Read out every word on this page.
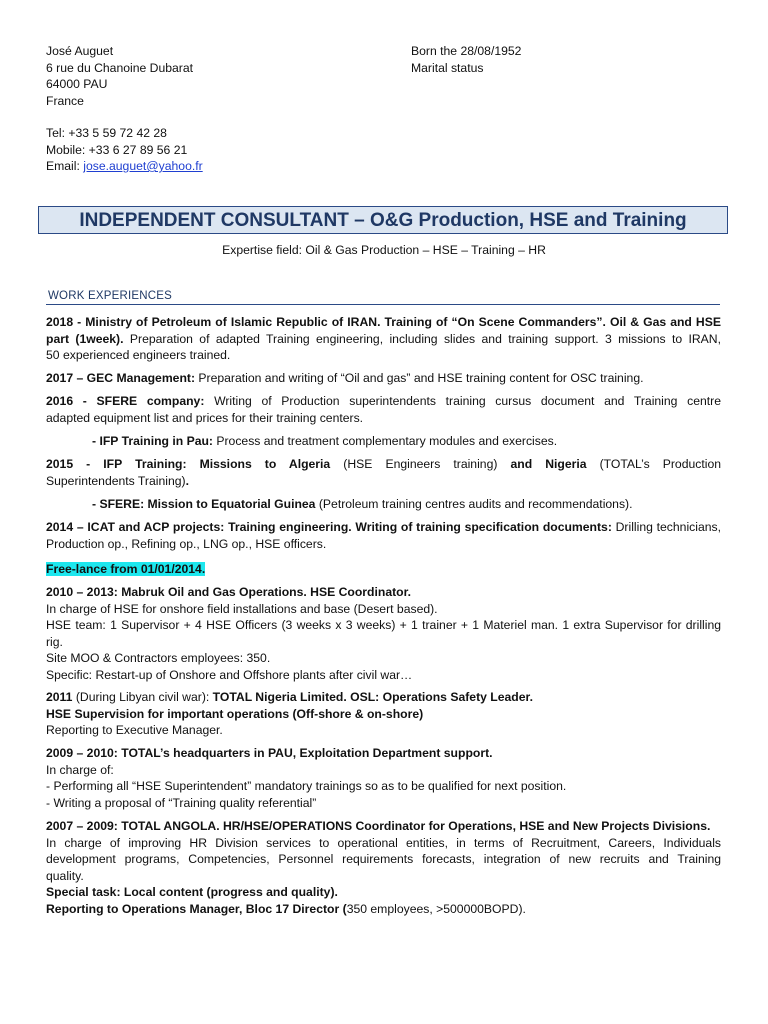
José Auguet
6 rue du Chanoine Dubarat
64000 PAU
France
Tel: +33 5 59 72 42 28
Mobile: +33 6 27 89 56 21
Email: jose.auguet@yahoo.fr
Born the 28/08/1952
Marital status
INDEPENDENT CONSULTANT – O&G Production, HSE and Training
Expertise field: Oil & Gas Production – HSE – Training – HR
WORK EXPERIENCES
2018 - Ministry of Petroleum of Islamic Republic of IRAN. Training of “On Scene Commanders”. Oil & Gas and HSE
part (1week). Preparation of adapted Training engineering, including slides and training support. 3 missions to IRAN,
50 experienced engineers trained.
2017 – GEC Management: Preparation and writing of “Oil and gas” and HSE training content for OSC training.
2016 - SFERE company: Writing of Production superintendents training cursus document and Training centre
adapted equipment list and prices for their training centers.
- IFP Training in Pau: Process and treatment complementary modules and exercises.
2015 - IFP Training: Missions to Algeria (HSE Engineers training) and Nigeria (TOTAL’s Production
Superintendents Training).
- SFERE: Mission to Equatorial Guinea (Petroleum training centres audits and recommendations).
2014 – ICAT and ACP projects: Training engineering. Writing of training specification documents: Drilling technicians,
Production op., Refining op., LNG op., HSE officers.
Free-lance from 01/01/2014.
2010 – 2013: Mabruk Oil and Gas Operations. HSE Coordinator.
In charge of HSE for onshore field installations and base (Desert based).
HSE team: 1 Supervisor + 4 HSE Officers (3 weeks x 3 weeks) + 1 trainer + 1 Materiel man. 1 extra Supervisor for drilling
rig.
Site MOO & Contractors employees: 350.
Specific: Restart-up of Onshore and Offshore plants after civil war…
2011 (During Libyan civil war): TOTAL Nigeria Limited. OSL: Operations Safety Leader.
HSE Supervision for important operations (Off-shore & on-shore)
Reporting to Executive Manager.
2009 – 2010: TOTAL’s headquarters in PAU, Exploitation Department support.
In charge of:
- Performing all “HSE Superintendent” mandatory trainings so as to be qualified for next position.
- Writing a proposal of “Training quality referential”
2007 – 2009: TOTAL ANGOLA. HR/HSE/OPERATIONS Coordinator for Operations, HSE and New Projects Divisions.
In charge of improving HR Division services to operational entities, in terms of Recruitment, Careers, Individuals
development programs, Competencies, Personnel requirements forecasts, integration of new recruits and Training
quality.
Special task: Local content (progress and quality).
Reporting to Operations Manager, Bloc 17 Director (350 employees, >500000BOPD).
